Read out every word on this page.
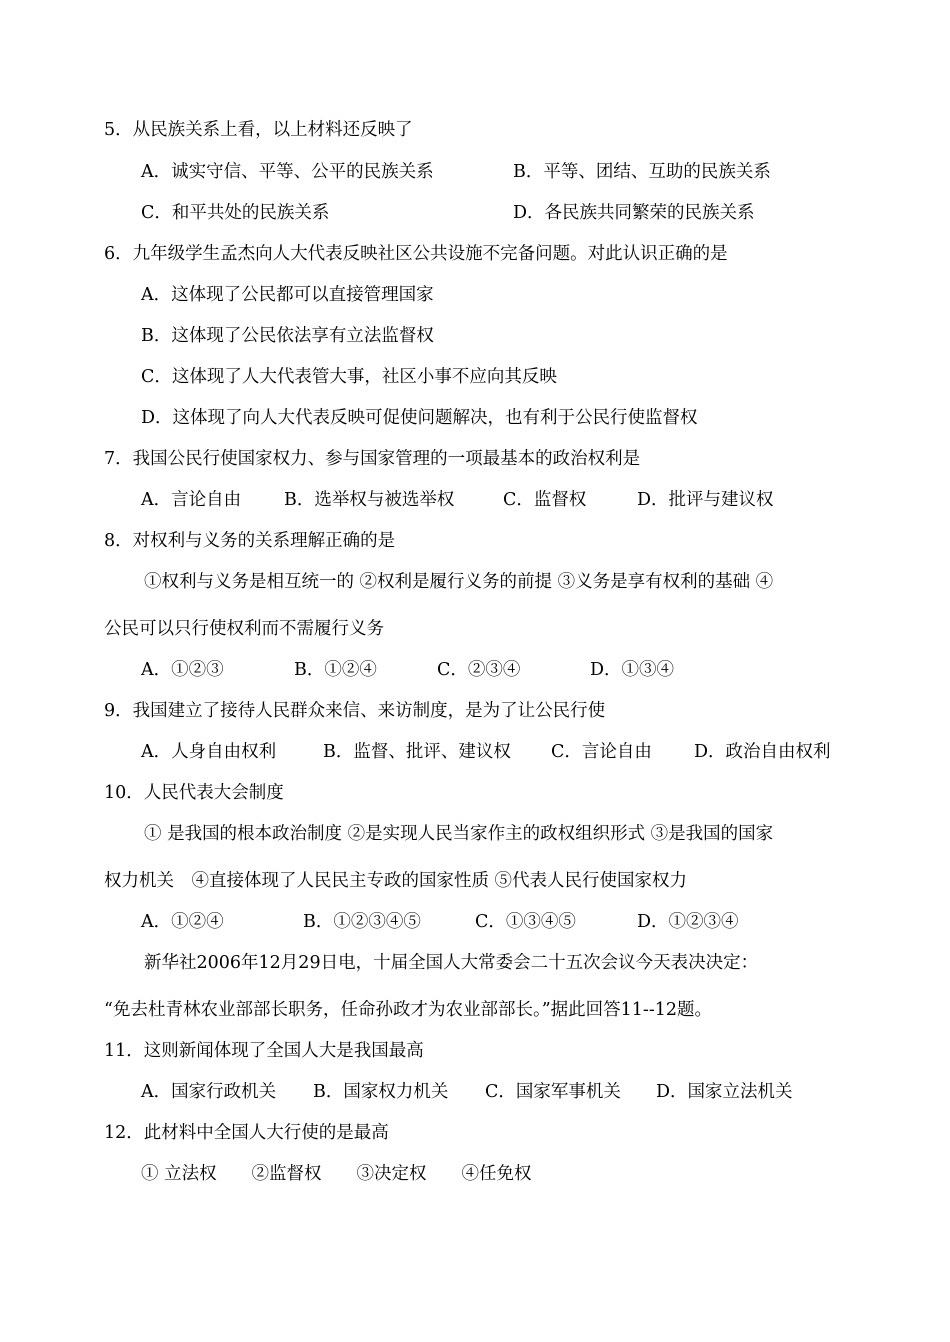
5．从民族关系上看，以上材料还反映了
A．诚实守信、平等、公平的民族关系	B．平等、团结、互助的民族关系
C．和平共处的民族关系	D．各民族共同繁荣的民族关系
6．九年级学生孟杰向人大代表反映社区公共设施不完备问题。对此认识正确的是
A．这体现了公民都可以直接管理国家
B．这体现了公民依法享有立法监督权
C．这体现了人大代表管大事，社区小事不应向其反映
D．这体现了向人大代表反映可促使问题解决，也有利于公民行使监督权
7．我国公民行使国家权力、参与国家管理的一项最基本的政治权利是
A．言论自由 B．选举权与被选举权	C．监督权	D．批评与建议权
8．对权利与义务的关系理解正确的是
①权利与义务是相互统一的 ②权利是履行义务的前提 ③义务是享有权利的基础 ④
公民可以只行使权利而不需履行义务
A．①②③	B．①②④	C．②③④	D．①③④
9．我国建立了接待人民群众来信、来访制度，是为了让公民行使
A．人身自由权利	B．监督、批评、建议权 C．言论自由 D．政治自由权利
10．人民代表大会制度
① 是我国的根本政治制度 ②是实现人民当家作主的政权组织形式 ③是我国的国家
权力机关　④直接体现了人民民主专政的国家性质 ⑤代表人民行使国家权力
A．①②④	B．①②③④⑤	C．①③④⑤	D．①②③④
新华社2006年12月29日电，十届全国人大常委会二十五次会议今天表决决定：
“免去杜青林农业部部长职务，任命孙政才为农业部部长。”据此回答11--12题。
11．这则新闻体现了全国人大是我国最高
A．国家行政机关 B．国家权力机关 C．国家军事机关 D．国家立法机关
12．此材料中全国人大行使的是最高
① 立法权　　②监督权　　③决定权　　④任免权
